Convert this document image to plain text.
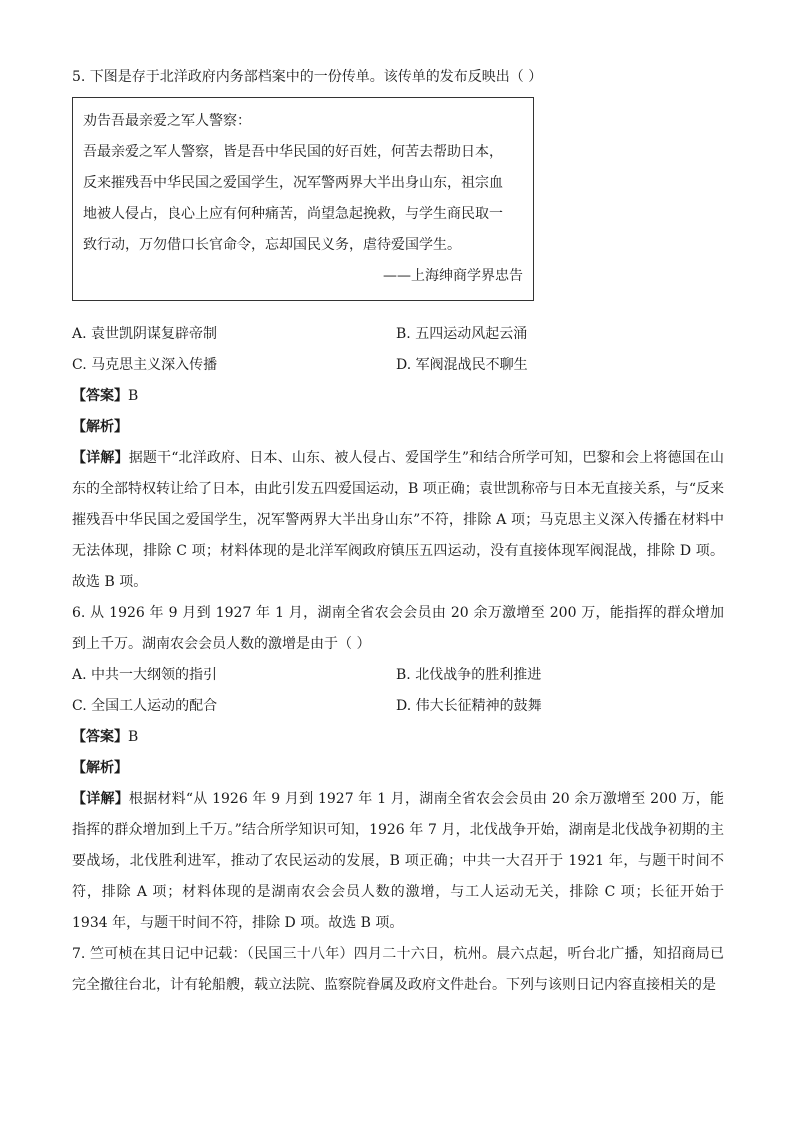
5. 下图是存于北洋政府内务部档案中的一份传单。该传单的发布反映出（ ）
劝告吾最亲爱之军人警察：
吾最亲爱之军人警察，皆是吾中华民国的好百姓，何苦去帮助日本，
反来摧残吾中华民国之爱国学生，况军警两界大半出身山东，祖宗血
地被人侵占，良心上应有何种痛苦，尚望急起挽救，与学生商民取一
致行动，万勿借口长官命令，忘却国民义务，虐待爱国学生。
——上海绅商学界忠告
A. 袁世凯阴谋复辟帝制	B. 五四运动风起云涌
C. 马克思主义深入传播	D. 军阀混战民不聊生
【答案】B
【解析】
【详解】据题干“北洋政府、日本、山东、被人侵占、爱国学生”和结合所学可知，巴黎和会上将德国在山东的全部特权转让给了日本，由此引发五四爱国运动，B 项正确；袁世凯称帝与日本无直接关系，与“反来摧残吾中华民国之爱国学生，况军警两界大半出身山东”不符，排除 A 项；马克思主义深入传播在材料中无法体现，排除 C 项；材料体现的是北洋军阀政府镇压五四运动，没有直接体现军阀混战，排除 D 项。故选 B 项。
6. 从 1926 年 9 月到 1927 年 1 月，湖南全省农会会员由 20 余万激增至 200 万，能指挥的群众增加到上千万。湖南农会会员人数的激增是由于（ ）
A. 中共一大纲领的指引	B. 北伐战争的胜利推进
C. 全国工人运动的配合	D. 伟大长征精神的鼓舞
【答案】B
【解析】
【详解】根据材料“从 1926 年 9 月到 1927 年 1 月，湖南全省农会会员由 20 余万激增至 200 万，能指挥的群众增加到上千万。”结合所学知识可知，1926 年 7 月，北伐战争开始，湖南是北伐战争初期的主要战场，北伐胜利进军，推动了农民运动的发展，B 项正确；中共一大召开于 1921 年，与题干时间不符，排除 A 项；材料体现的是湖南农会会员人数的激增，与工人运动无关，排除 C 项；长征开始于 1934 年，与题干时间不符，排除 D 项。故选 B 项。
7. 竺可桢在其日记中记载：（民国三十八年）四月二十六日，杭州。晨六点起，听台北广播，知招商局已完全撤往台北，计有轮船艘，载立法院、监察院眷属及政府文件赴台。下列与该则日记内容直接相关的是
